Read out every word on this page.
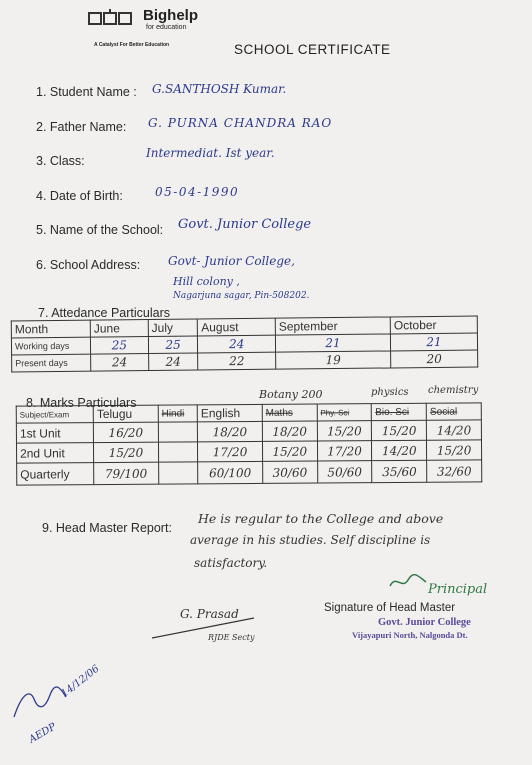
Bighelp
for education
A Catalyst For Better Education	SCHOOL CERTIFICATE
1. Student Name : G.SANTHOSH Kumar.
2. Father Name: G. PURNA CHANDRA RAO
3. Class:
Intermediat. Ist year.
4. Date of Birth:	05-04-1990
5. Name of the School: Govt. Junior College
6. School Address: Govt- Junior College,
Hill colony ,
Nagarjuna sagar, Pin-508202.
7. Attedance Particulars
Month	June	July	August	September	October
Working days	25	25	24	21	21
Present days	24	24	22	19	20
8. Marks Particulars
Botany 200	physics chemistry
Subject/Exam	Telugu	Hindi	English	Maths	Phy. Sci	Bio. Sci	Social
1st Unit	16/20		18/20	18/20	15/20	15/20	14/20
2nd Unit	15/20		17/20	15/20	17/20	14/20	15/20
Quarterly	79/100		60/100	30/60	50/60	35/60	32/60
9. Head Master Report:
He is regular to the College and above
average in his studies. Self discipline is
satisfactory.
Signature of Head Master
Principal
Govt. Junior College
Vijayapuri North, Nalgonda Dt.
G. Prasad
RJDE Secty
14/12/06
AEDP
